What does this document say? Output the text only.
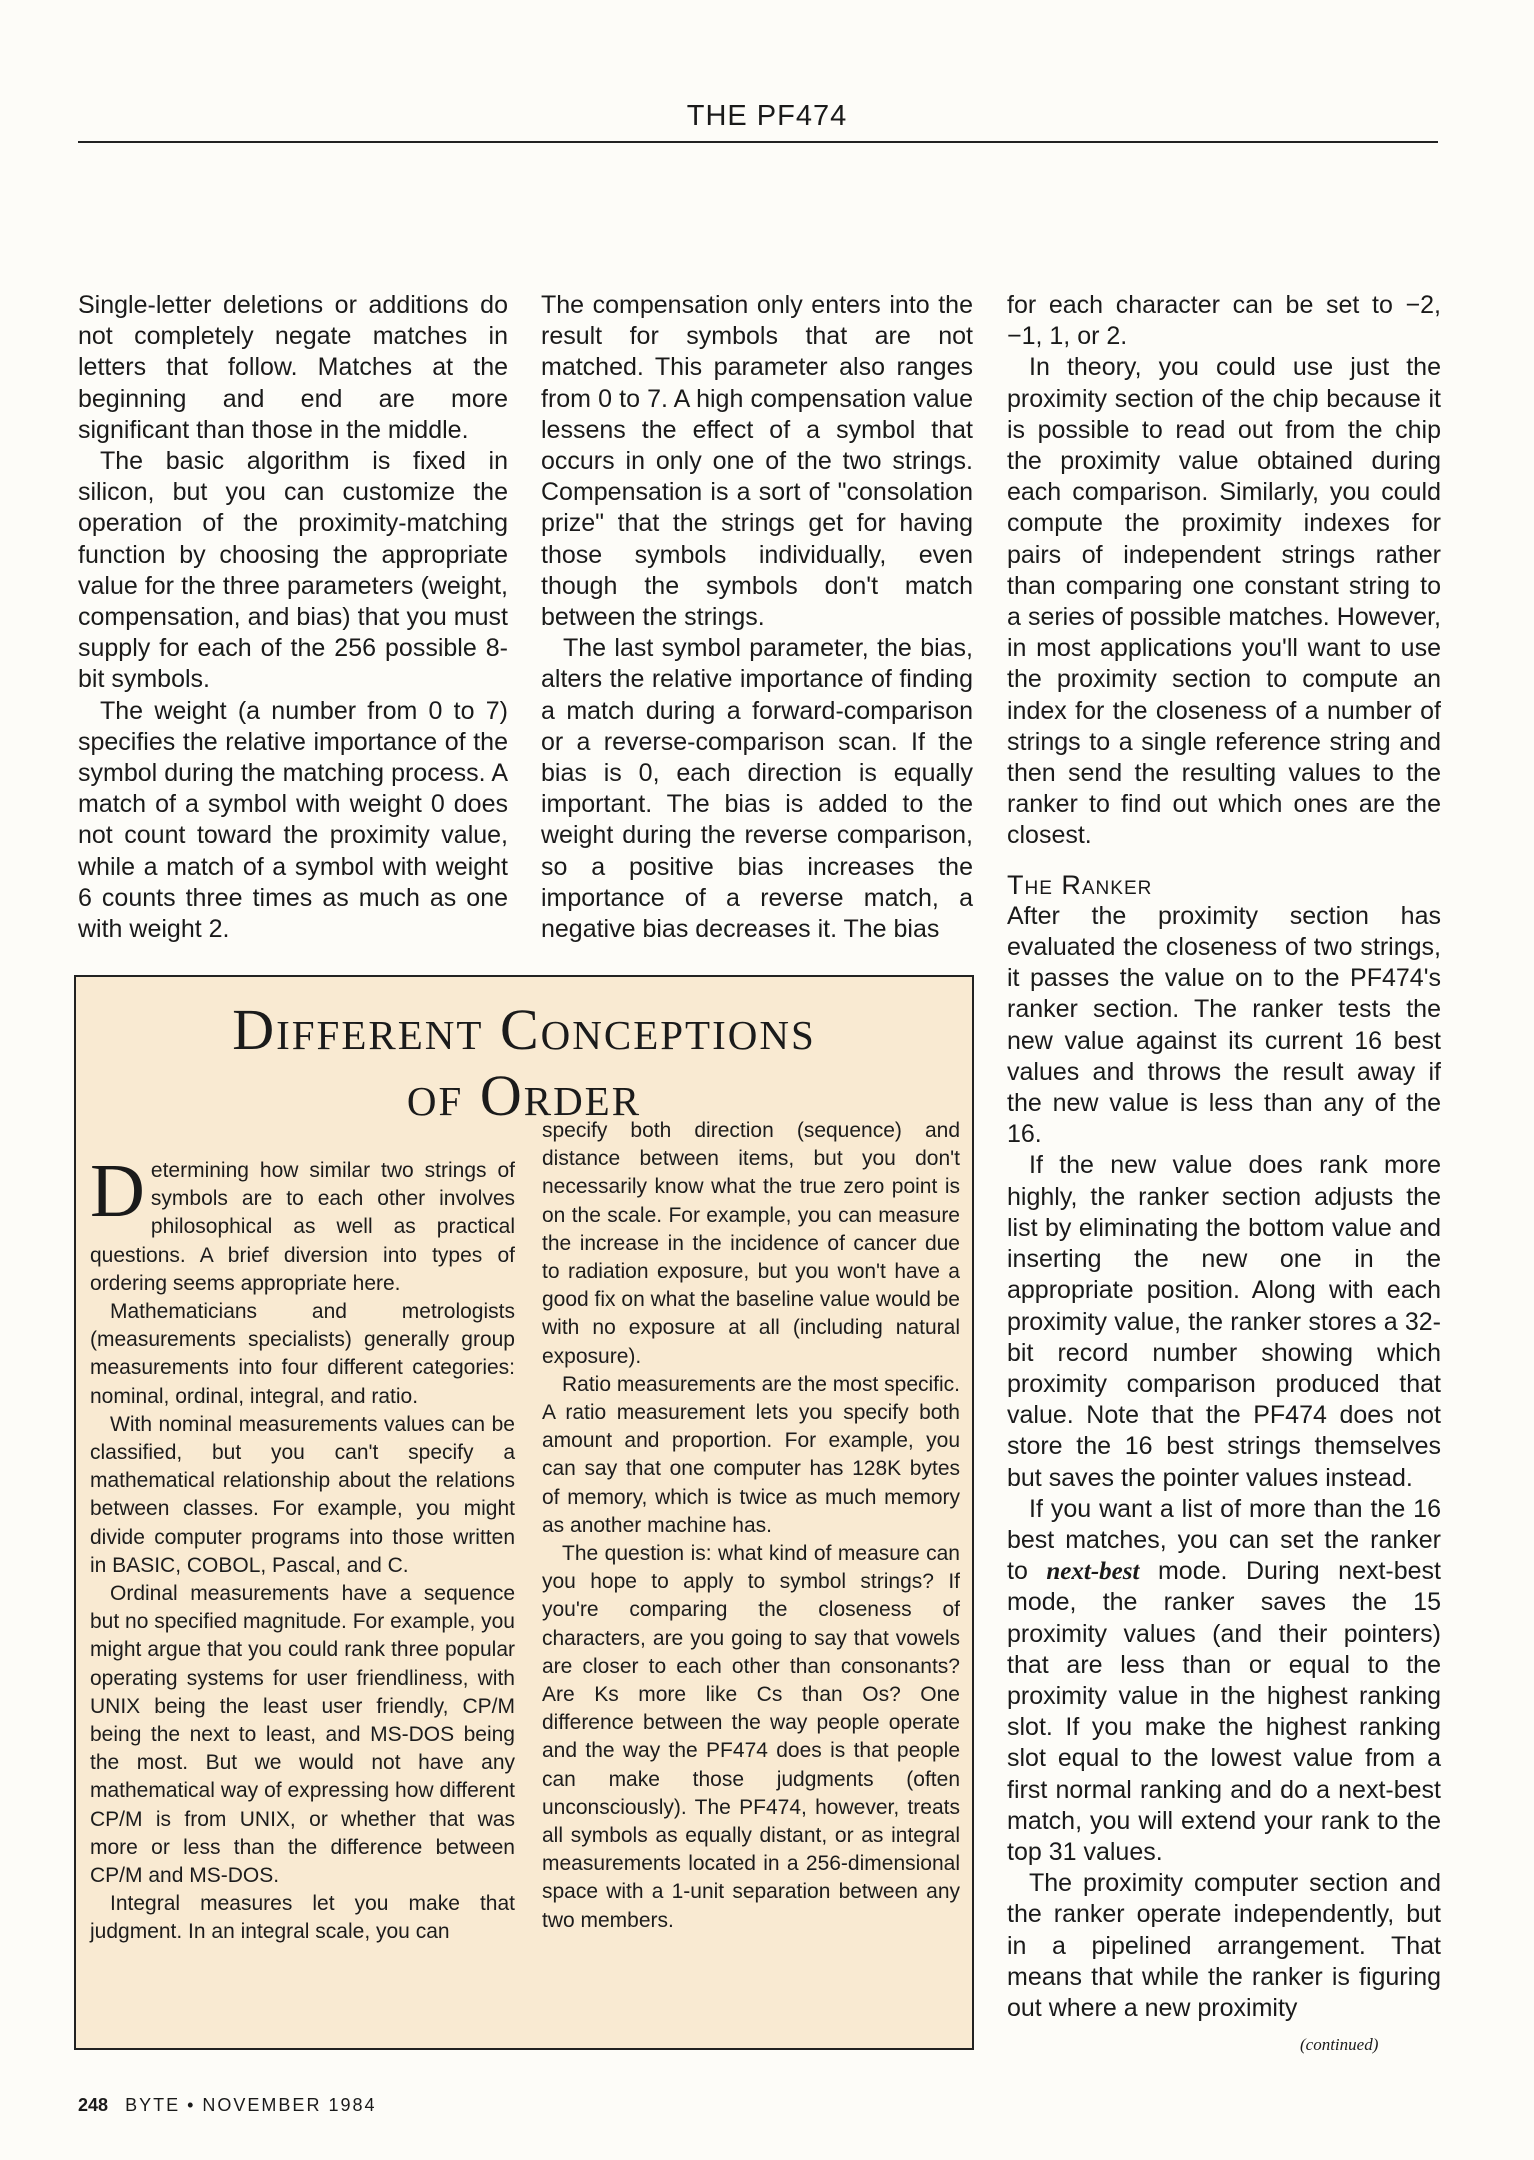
THE PF474

Single-letter deletions or additions do not completely negate matches in letters that follow. Matches at the beginning and end are more significant than those in the middle.

The basic algorithm is fixed in silicon, but you can customize the operation of the proximity-matching function by choosing the appropriate value for the three parameters (weight, compensation, and bias) that you must supply for each of the 256 possible 8-bit symbols.

The weight (a number from 0 to 7) specifies the relative importance of the symbol during the matching process. A match of a symbol with weight 0 does not count toward the proximity value, while a match of a symbol with weight 6 counts three times as much as one with weight 2.

The compensation only enters into the result for symbols that are not matched. This parameter also ranges from 0 to 7. A high compensation value lessens the effect of a symbol that occurs in only one of the two strings. Compensation is a sort of "consolation prize" that the strings get for having those symbols individually, even though the symbols don't match between the strings.

The last symbol parameter, the bias, alters the relative importance of finding a match during a forward-comparison or a reverse-comparison scan. If the bias is 0, each direction is equally important. The bias is added to the weight during the reverse comparison, so a positive bias increases the importance of a reverse match, a negative bias decreases it. The bias

for each character can be set to −2, −1, 1, or 2.

In theory, you could use just the proximity section of the chip because it is possible to read out from the chip the proximity value obtained during each comparison. Similarly, you could compute the proximity indexes for pairs of independent strings rather than comparing one constant string to a series of possible matches. However, in most applications you'll want to use the proximity section to compute an index for the closeness of a number of strings to a single reference string and then send the resulting values to the ranker to find out which ones are the closest.

The Ranker

After the proximity section has evaluated the closeness of two strings, it passes the value on to the PF474's ranker section. The ranker tests the new value against its current 16 best values and throws the result away if the new value is less than any of the 16.

If the new value does rank more highly, the ranker section adjusts the list by eliminating the bottom value and inserting the new one in the appropriate position. Along with each proximity value, the ranker stores a 32-bit record number showing which proximity comparison produced that value. Note that the PF474 does not store the 16 best strings themselves but saves the pointer values instead.

If you want a list of more than the 16 best matches, you can set the ranker to next-best mode. During next-best mode, the ranker saves the 15 proximity values (and their pointers) that are less than or equal to the proximity value in the highest ranking slot. If you make the highest ranking slot equal to the lowest value from a first normal ranking and do a next-best match, you will extend your rank to the top 31 values.

The proximity computer section and the ranker operate independently, but in a pipelined arrangement. That means that while the ranker is figuring out where a new proximity

Different Conceptions
of Order

Determining how similar two strings of symbols are to each other involves philosophical as well as practical questions. A brief diversion into types of ordering seems appropriate here.

Mathematicians and metrologists (measurements specialists) generally group measurements into four different categories: nominal, ordinal, integral, and ratio.

With nominal measurements values can be classified, but you can't specify a mathematical relationship about the relations between classes. For example, you might divide computer programs into those written in BASIC, COBOL, Pascal, and C.

Ordinal measurements have a sequence but no specified magnitude. For example, you might argue that you could rank three popular operating systems for user friendliness, with UNIX being the least user friendly, CP/M being the next to least, and MS-DOS being the most. But we would not have any mathematical way of expressing how different CP/M is from UNIX, or whether that was more or less than the difference between CP/M and MS-DOS.

Integral measures let you make that judgment. In an integral scale, you can

specify both direction (sequence) and distance between items, but you don't necessarily know what the true zero point is on the scale. For example, you can measure the increase in the incidence of cancer due to radiation exposure, but you won't have a good fix on what the baseline value would be with no exposure at all (including natural exposure).

Ratio measurements are the most specific. A ratio measurement lets you specify both amount and proportion. For example, you can say that one computer has 128K bytes of memory, which is twice as much memory as another machine has.

The question is: what kind of measure can you hope to apply to symbol strings? If you're comparing the closeness of characters, are you going to say that vowels are closer to each other than consonants? Are Ks more like Cs than Os? One difference between the way people operate and the way the PF474 does is that people can make those judgments (often unconsciously). The PF474, however, treats all symbols as equally distant, or as integral measurements located in a 256-dimensional space with a 1-unit separation between any two members.

(continued)
248 BYTE • NOVEMBER 1984
